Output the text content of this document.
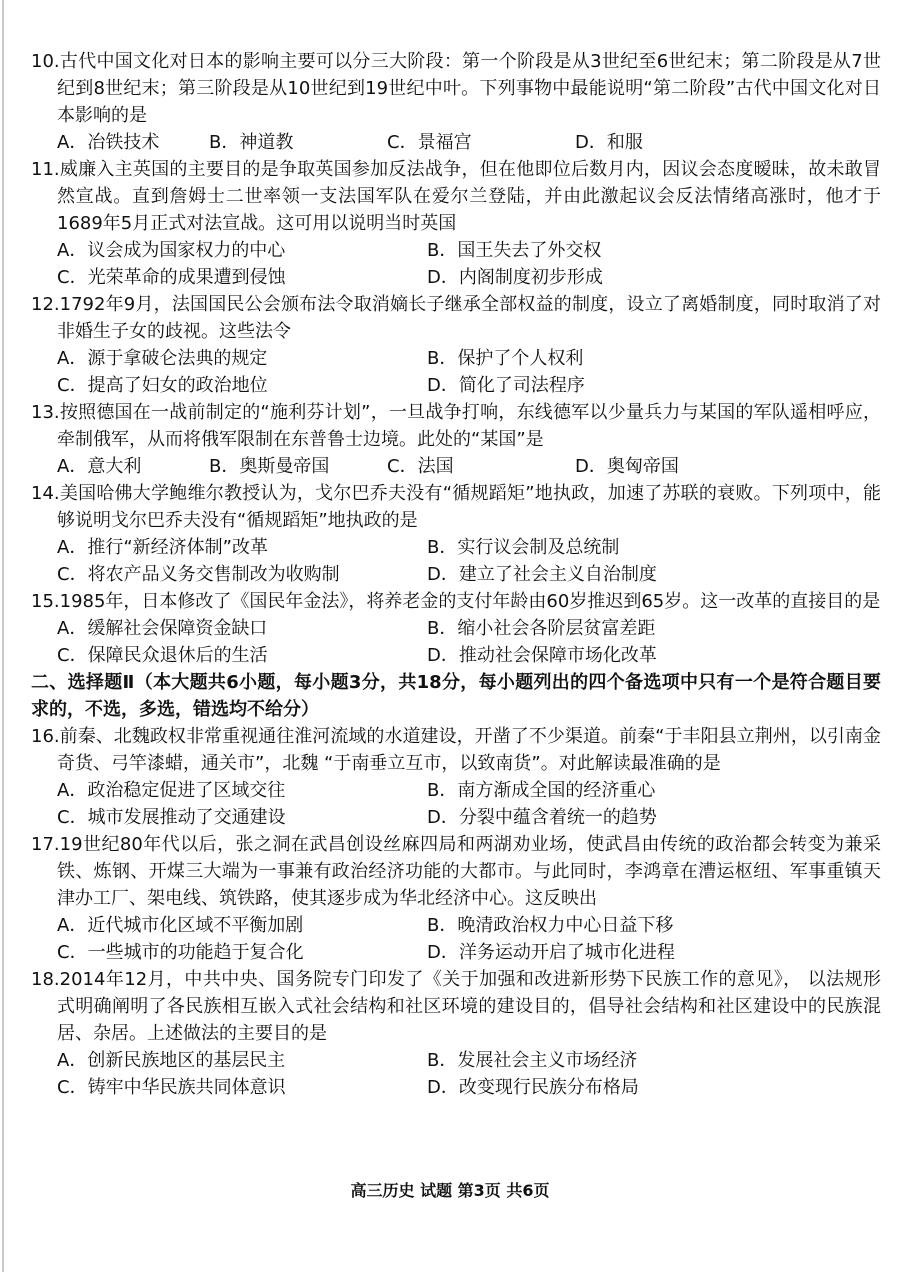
10.古代中国文化对日本的影响主要可以分三大阶段：第一个阶段是从3世纪至6世纪末；第二阶段是从7世纪到8世纪末；第三阶段是从10世纪到19世纪中叶。下列事物中最能说明“第二阶段”古代中国文化对日本影响的是

A．冶铁技术	B．神道教	C．景福宫	D．和服

11.威廉入主英国的主要目的是争取英国参加反法战争，但在他即位后数月内，因议会态度暧昧，故未敢冒然宣战。直到詹姆士二世率领一支法国军队在爱尔兰登陆，并由此激起议会反法情绪高涨时，他才于1689年5月正式对法宣战。这可用以说明当时英国

A．议会成为国家权力的中心	B．国王失去了外交权
C．光荣革命的成果遭到侵蚀	D．内阁制度初步形成

12.1792年9月，法国国民公会颁布法令取消嫡长子继承全部权益的制度，设立了离婚制度，同时取消了对非婚生子女的歧视。这些法令

A．源于拿破仑法典的规定	B．保护了个人权利
C．提高了妇女的政治地位	D．简化了司法程序

13.按照德国在一战前制定的“施利芬计划”，一旦战争打响，东线德军以少量兵力与某国的军队遥相呼应，牵制俄军，从而将俄军限制在东普鲁士边境。此处的“某国”是

A．意大利	B．奥斯曼帝国	C．法国	D．奥匈帝国

14.美国哈佛大学鲍维尔教授认为，戈尔巴乔夫没有“循规蹈矩”地执政，加速了苏联的衰败。下列项中，能够说明戈尔巴乔夫没有“循规蹈矩”地执政的是

A．推行“新经济体制”改革	B．实行议会制及总统制
C．将农产品义务交售制改为收购制	D．建立了社会主义自治制度

15.1985年，日本修改了《国民年金法》，将养老金的支付年龄由60岁推迟到65岁。这一改革的直接目的是

A．缓解社会保障资金缺口	B．缩小社会各阶层贫富差距
C．保障民众退休后的生活	D．推动社会保障市场化改革

二、选择题Ⅱ（本大题共6小题，每小题3分，共18分，每小题列出的四个备选项中只有一个是符合题目要求的，不选，多选，错选均不给分）

16.前秦、北魏政权非常重视通往淮河流域的水道建设，开凿了不少渠道。前秦“于丰阳县立荆州，以引南金奇货、弓竿漆蜡，通关市”，北魏 “于南垂立互市，以致南货”。对此解读最准确的是

A．政治稳定促进了区域交往	B．南方渐成全国的经济重心
C．城市发展推动了交通建设	D．分裂中蕴含着统一的趋势

17.19世纪80年代以后，张之洞在武昌创设丝麻四局和两湖劝业场，使武昌由传统的政治都会转变为兼采铁、炼钢、开煤三大端为一事兼有政治经济功能的大都市。与此同时，李鸿章在漕运枢纽、军事重镇天津办工厂、架电线、筑铁路，使其逐步成为华北经济中心。这反映出

A．近代城市化区域不平衡加剧	B．晚清政治权力中心日益下移
C．一些城市的功能趋于复合化	D．洋务运动开启了城市化进程

18.2014年12月，中共中央、国务院专门印发了《关于加强和改进新形势下民族工作的意见》， 以法规形式明确阐明了各民族相互嵌入式社会结构和社区环境的建设目的，倡导社会结构和社区建设中的民族混居、杂居。上述做法的主要目的是

A．创新民族地区的基层民主	B．发展社会主义市场经济
C．铸牢中华民族共同体意识	D．改变现行民族分布格局
高三历史 试题 第3页 共6页
